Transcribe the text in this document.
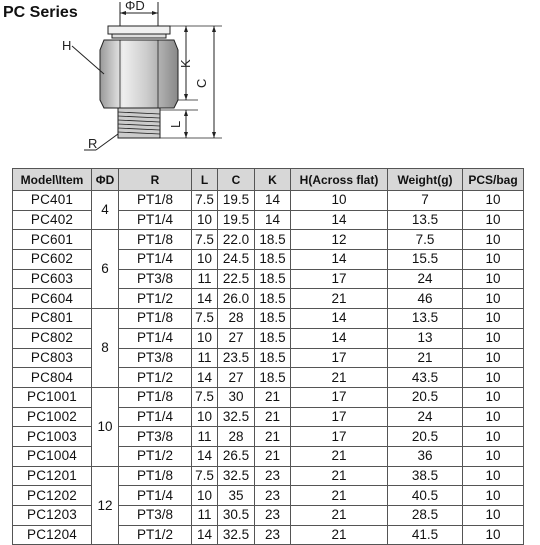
PC Series	ΦD
H
R
K
L
C
Model\Item	ΦD	R	L	C	K	H(Across flat)	Weight(g)	PCS/bag
PC401	4	PT1/8	7.5	19.5	14	10	7	10
PC402		PT1/4	10	19.5	14	14	13.5	10
PC601	6	PT1/8	7.5	22.0	18.5	12	7.5	10
PC602		PT1/4	10	24.5	18.5	14	15.5	10
PC603		PT3/8	11	22.5	18.5	17	24	10
PC604		PT1/2	14	26.0	18.5	21	46	10
PC801	8	PT1/8	7.5	28	18.5	14	13.5	10
PC802		PT1/4	10	27	18.5	14	13	10
PC803		PT3/8	11	23.5	18.5	17	21	10
PC804		PT1/2	14	27	18.5	21	43.5	10
PC1001	10	PT1/8	7.5	30	21	17	20.5	10
PC1002		PT1/4	10	32.5	21	17	24	10
PC1003		PT3/8	11	28	21	17	20.5	10
PC1004		PT1/2	14	26.5	21	21	36	10
PC1201	12	PT1/8	7.5	32.5	23	21	38.5	10
PC1202		PT1/4	10	35	23	21	40.5	10
PC1203		PT3/8	11	30.5	23	21	28.5	10
PC1204		PT1/2	14	32.5	23	21	41.5	10
